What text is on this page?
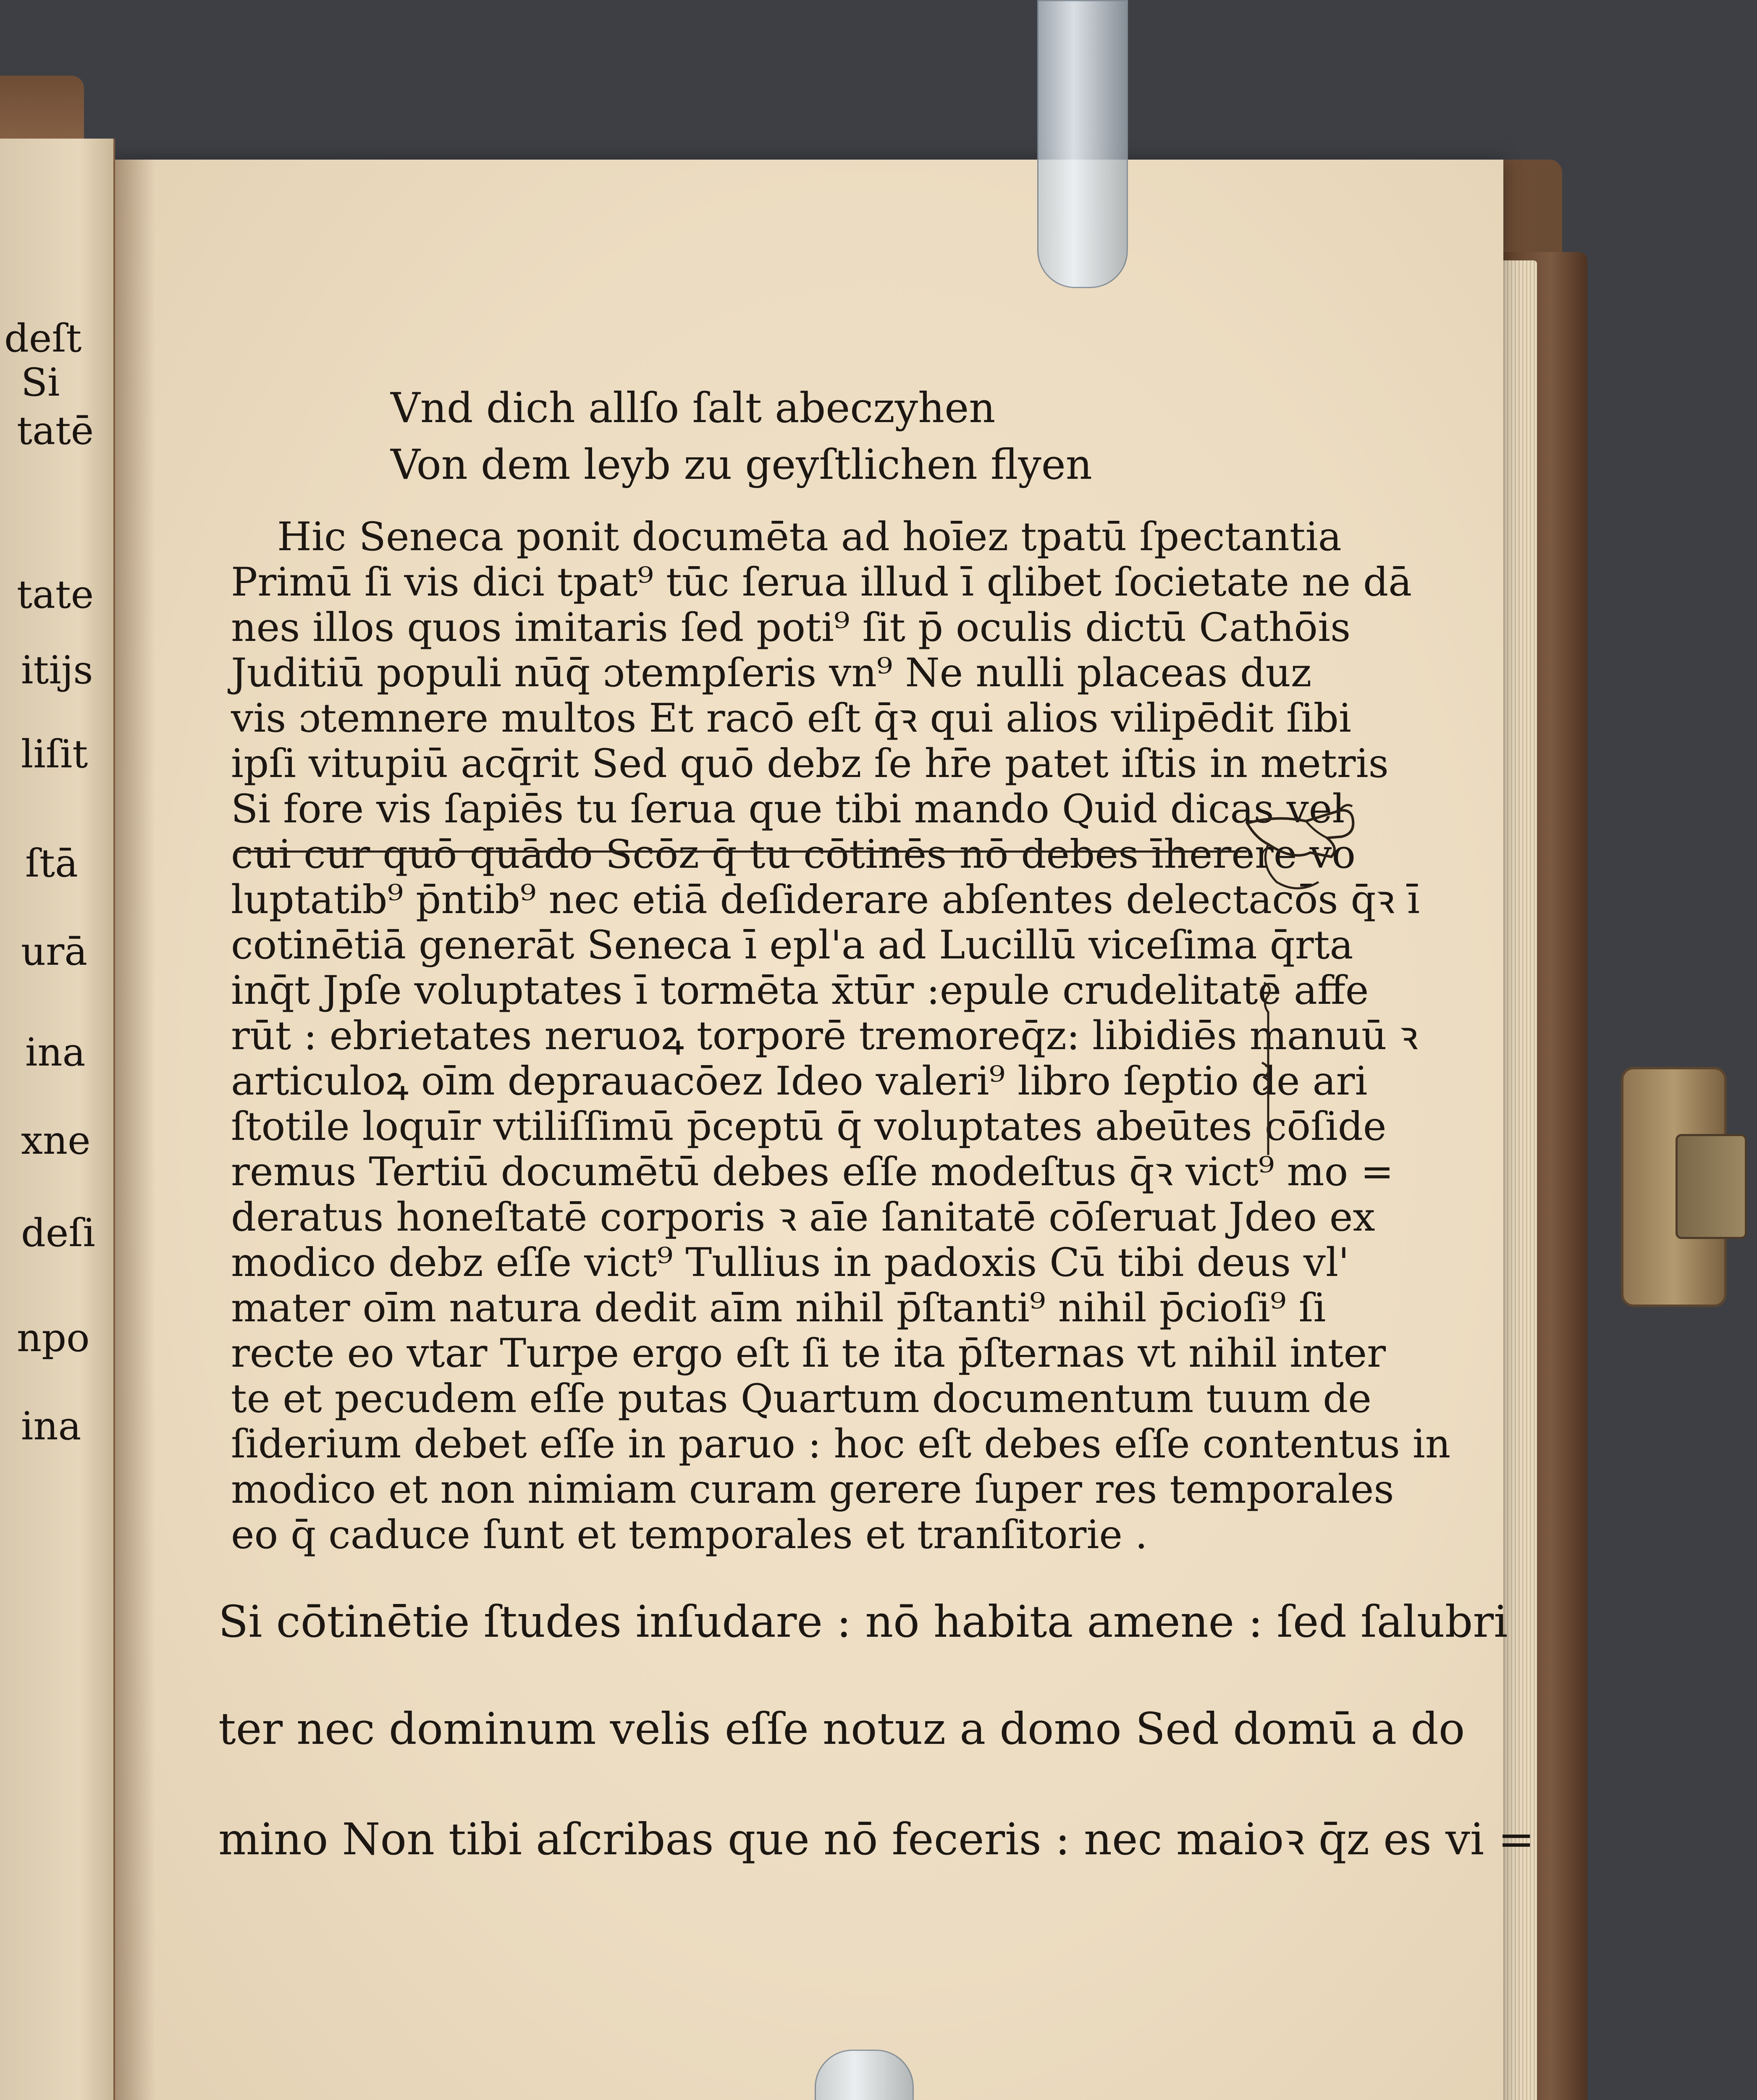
deſt
Si
tatē
tate
itijs
liſit
ſtā
urā
ina
xne
deſi
npo
ina
Vnd dich allſo ſalt abeczyhen
Von dem leyb zu geyſtlichen flyen
Hic Seneca ponit documēta ad hoīez tpatū ſpectantia
Primū ſi vis dici tpat⁹ tūc ſerua illud ī qlibet ſocietate ne dā
nes illos quos imitaris ſed poti⁹ ſit p̄ oculis dictū Cathōis
Juditiū populi nūq̄ ɔtempſeris vn⁹ Ne nulli placeas duz
vis ɔtemnere multos Et racō eſt q̄ꝛ qui alios vilipēdit ſibi
ipſi vitupiū acq̄rit Sed quō debz ſe hr̄e patet iſtis in metris
Si fore vis ſapiēs tu ſerua que tibi mando Quid dicas vel
cui cur quō quādo Scōz q̄ tu cōtinēs nō debes īherere vo
luptatib⁹ p̄ntib⁹ nec etiā deſiderare abſentes delectacōs q̄ꝛ ī
cotinētiā generāt Seneca ī epl'a ad Lucillū viceſima q̄rta
inq̄t Jpſe voluptates ī tormēta x̄tūr :epule crudelitatē affe
rūt : ebrietates neruoꝝ torporē tremoreq̄z: libidiēs manuū ꝛ
articuloꝝ oīm deprauacōez Ideo valeri⁹ libro ſeptio de ari
ſtotile loquīr vtiliſſimū p̄ceptū q̄ voluptates abeūtes cōſide
remus Tertiū documētū debes eſſe modeſtus q̄ꝛ vict⁹ mo =
deratus honeſtatē corporis ꝛ aīe ſanitatē cōſeruat Jdeo ex
modico debz eſſe vict⁹ Tullius in padoxis Cū tibi deus vl'
mater oīm natura dedit aīm nihil p̄ſtanti⁹ nihil p̄cioſi⁹ ſi
recte eo vtar Turpe ergo eſt ſi te ita p̄ſternas vt nihil inter
te et pecudem eſſe putas Quartum documentum tuum de
ſiderium debet eſſe in paruo : hoc eſt debes eſſe contentus in
modico et non nimiam curam gerere ſuper res temporales
eo q̄ caduce ſunt et temporales et tranſitorie .
Si cōtinētie ſtudes inſudare : nō habita amene : ſed ſalubri
ter nec dominum velis eſſe notuz a domo Sed domū a do
mino Non tibi aſcribas que nō feceris : nec maioꝛ q̄z es vi =
